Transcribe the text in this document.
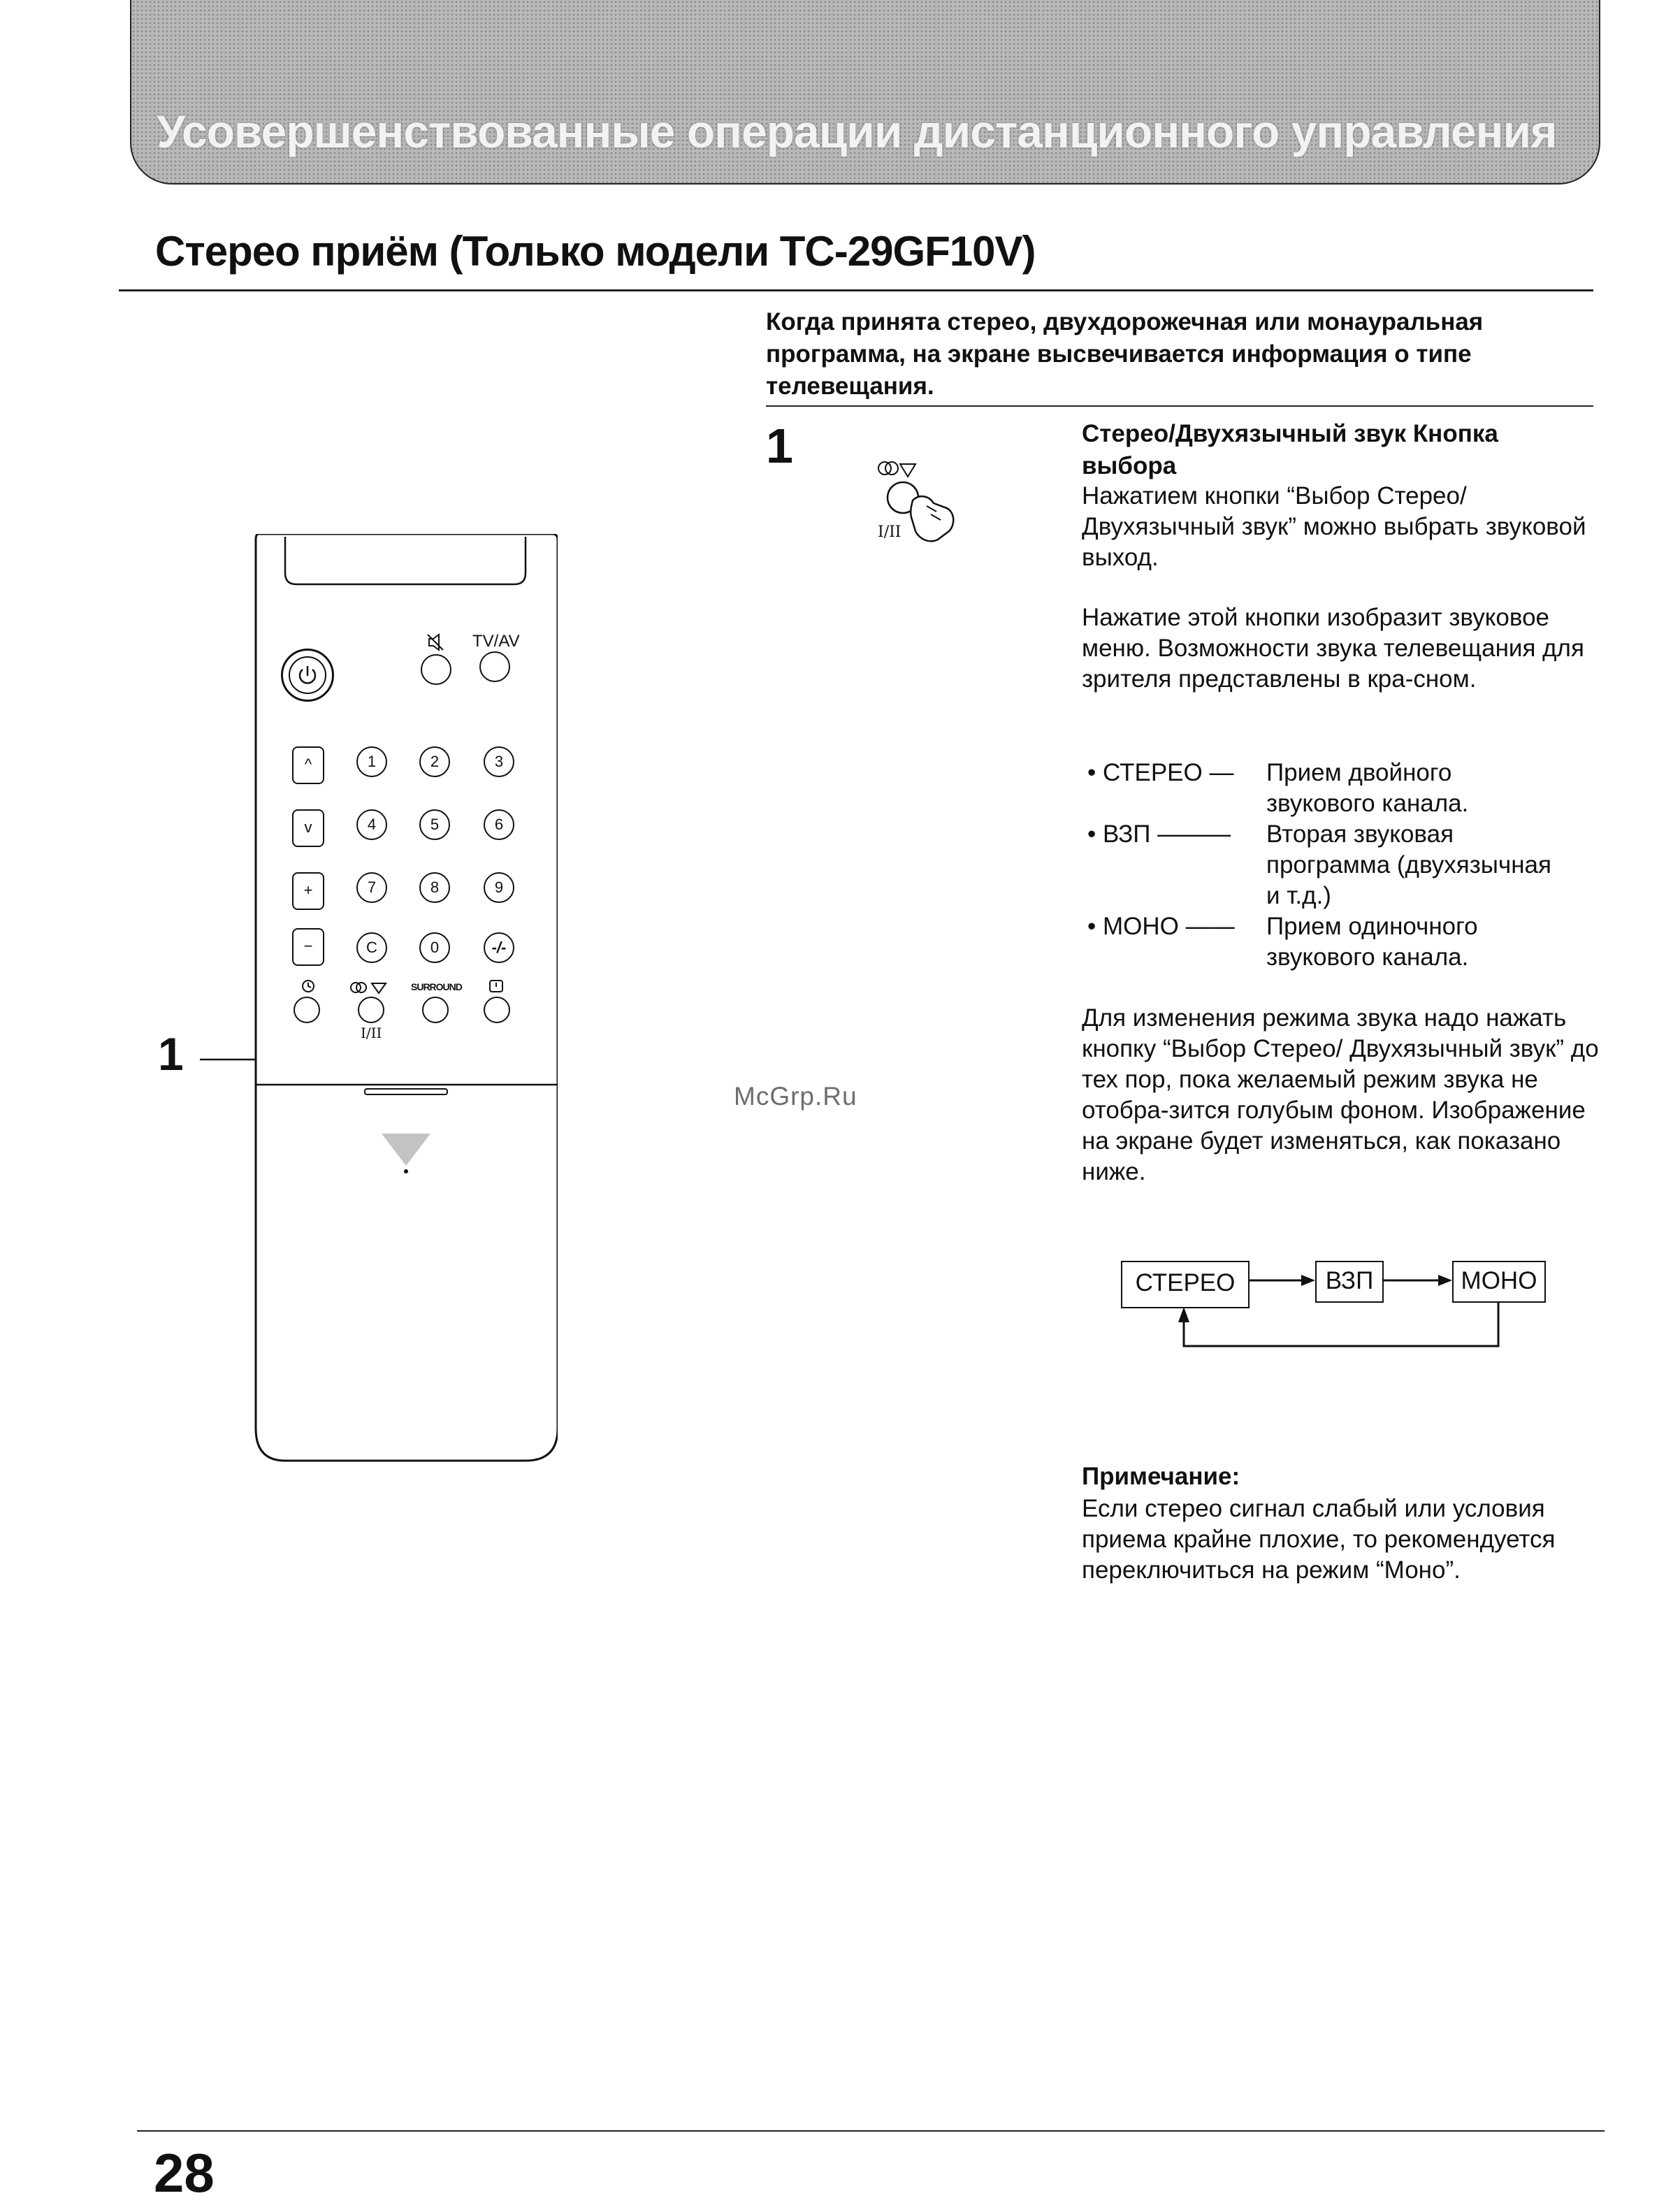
Усовершенствованные операции дистанционного управления
Стерео приём (Только модели TC-29GF10V)
Когда принята стерео, двухдорожечная или монауральная программа, на экране высвечивается информация о типе телевещания.
1
I/II
Стерео/Двухязычный звук Кнопка выбора
Нажатием кнопки “Выбор Стерео/ Двухязычный звук” можно выбрать звуковой выход.
Нажатие этой кнопки изобразит звуковое меню. Возможности звука телевещания для зрителя представлены в кра-сном.
• СТЕРЕО — Прием двойного звукового канала.
• ВЗП ——— Вторая звуковая программа (двухязычная и т.д.)
• МОНО —— Прием одиночного звукового канала.
Для изменения режима звука надо нажать кнопку “Выбор Стерео/ Двухязычный звук” до тех пор, пока желаемый режим звука не отобра-зится голубым фоном. Изображение на экране будет изменяться, как показано ниже.
СТЕРЕО	ВЗП	МОНО
Примечание:
Если стерео сигнал слабый или условия приема крайне плохие, то рекомендуется переключиться на режим “Моно”.
McGrp.Ru
1
TV/AV
^
v
+
−
1	2	3
4	5	6
7	8	9
C	0	-/-
I/II
SURROUND
28
